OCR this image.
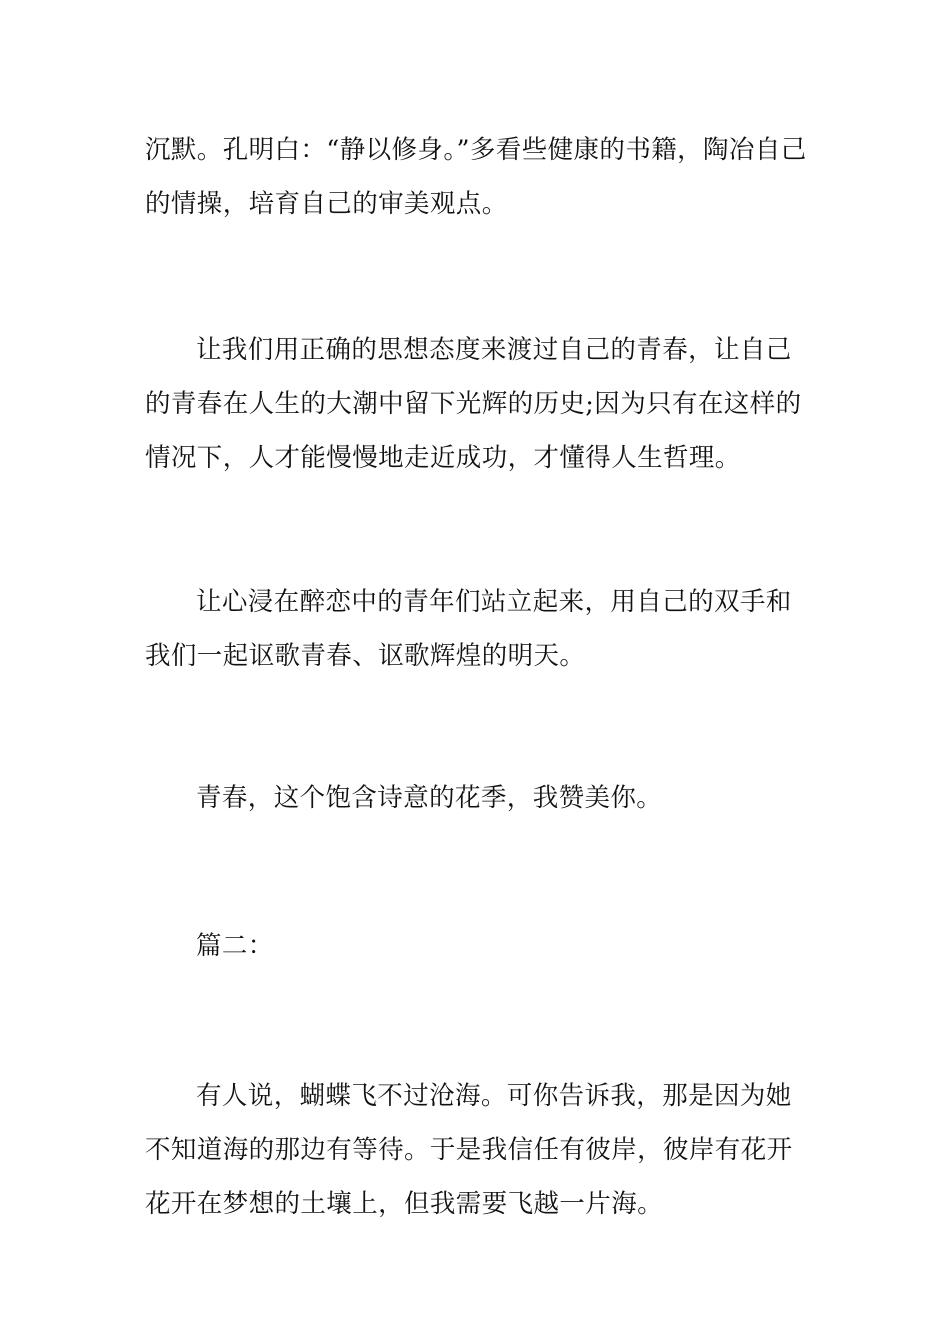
沉默。孔明白：“静以修身。”多看些健康的书籍，陶冶自己的情操，培育自己的审美观点。

让我们用正确的思想态度来渡过自己的青春，让自己的青春在人生的大潮中留下光辉的历史;因为只有在这样的情况下，人才能慢慢地走近成功，才懂得人生哲理。

让心浸在醉恋中的青年们站立起来，用自己的双手和我们一起讴歌青春、讴歌辉煌的明天。

青春，这个饱含诗意的花季，我赞美你。

篇二：

有人说，蝴蝶飞不过沧海。可你告诉我，那是因为她不知道海的那边有等待。于是我信任有彼岸，彼岸有花开花开在梦想的土壤上，但我需要飞越一片海。
